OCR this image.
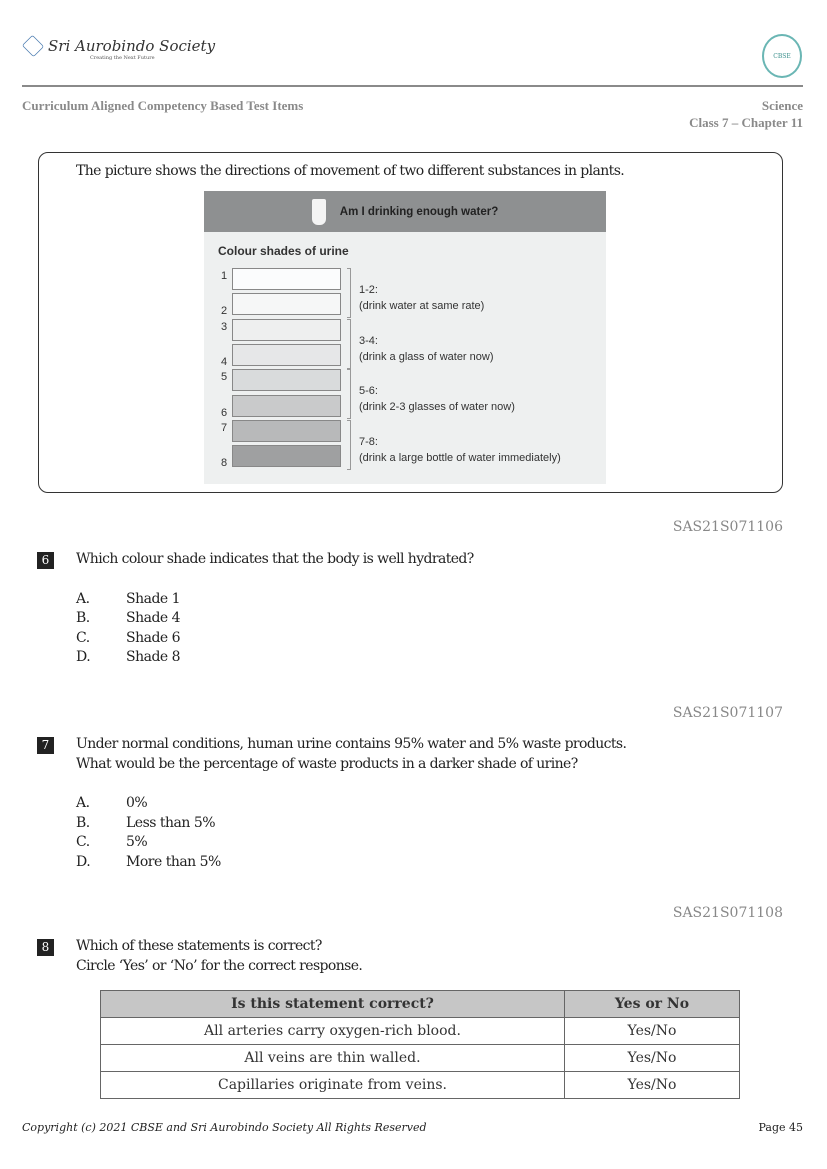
Sri Aurobindo Society
Creating the Next Future	CBSE
Curriculum Aligned Competency Based Test Items	Science
Class 7 – Chapter 11
The picture shows the directions of movement of two different substances in plants.
Am I drinking enough water?
Colour shades of urine
1
2
3
4
5
6
7
8
1-2:
(drink water at same rate)
3-4:
(drink a glass of water now)
5-6:
(drink 2-3 glasses of water now)
7-8:
(drink a large bottle of water immediately)
Is this statement correct?	Yes or No
All arteries carry oxygen-rich blood.	Yes/No
All veins are thin walled.	Yes/No
Capillaries originate from veins.	Yes/No
Copyright (c) 2021 CBSE and Sri Aurobindo Society All Rights Reserved	Page 45
SAS21S071106
6	Which colour shade indicates that the body is well hydrated?
A.	Shade 1
B.	Shade 4
C.	Shade 6
D.	Shade 8
SAS21S071107
7	Under normal conditions, human urine contains 95% water and 5% waste products.
What would be the percentage of waste products in a darker shade of urine?
A.	0%
B.	Less than 5%
C.	5%
D.	More than 5%
SAS21S071108
8	Which of these statements is correct?
Circle ‘Yes’ or ‘No’ for the correct response.
